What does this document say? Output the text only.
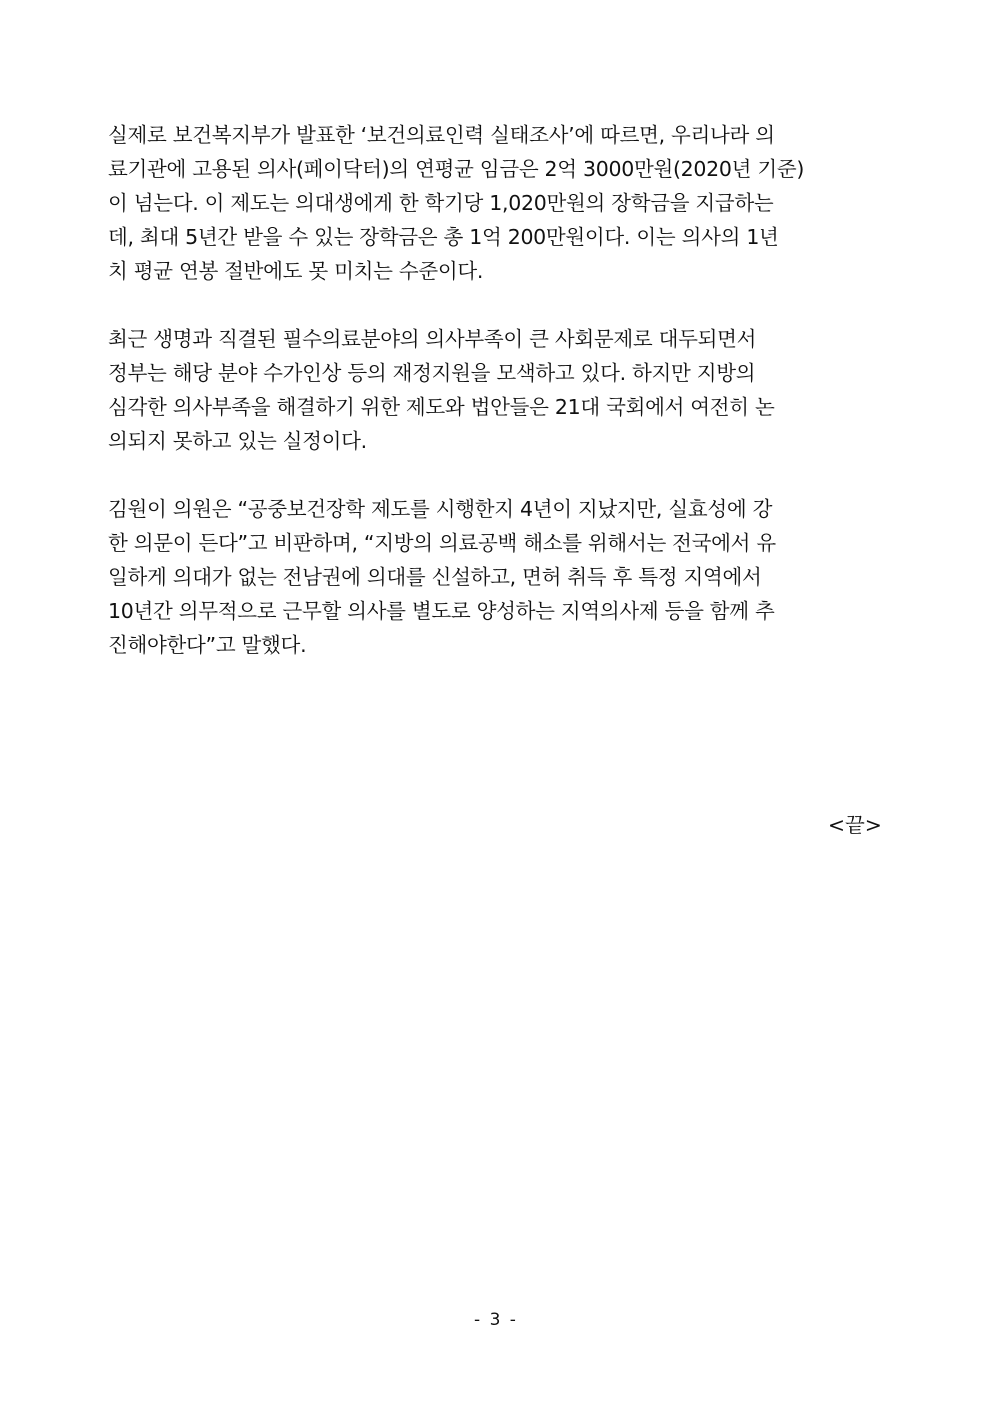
실제로 보건복지부가 발표한 ‘보건의료인력 실태조사’에 따르면, 우리나라 의
료기관에 고용된 의사(페이닥터)의 연평균 임금은 2억 3000만원(2020년 기준)
이 넘는다. 이 제도는 의대생에게 한 학기당 1,020만원의 장학금을 지급하는
데, 최대 5년간 받을 수 있는 장학금은 총 1억 200만원이다. 이는 의사의 1년
치 평균 연봉 절반에도 못 미치는 수준이다.

최근 생명과 직결된 필수의료분야의 의사부족이 큰 사회문제로 대두되면서
정부는 해당 분야 수가인상 등의 재정지원을 모색하고 있다. 하지만 지방의
심각한 의사부족을 해결하기 위한 제도와 법안들은 21대 국회에서 여전히 논
의되지 못하고 있는 실정이다.

김원이 의원은 “공중보건장학 제도를 시행한지 4년이 지났지만, 실효성에 강
한 의문이 든다”고 비판하며, “지방의 의료공백 해소를 위해서는 전국에서 유
일하게 의대가 없는 전남권에 의대를 신설하고, 면허 취득 후 특정 지역에서
10년간 의무적으로 근무할 의사를 별도로 양성하는 지역의사제 등을 함께 추
진해야한다”고 말했다.

<끝>
- 3 -
